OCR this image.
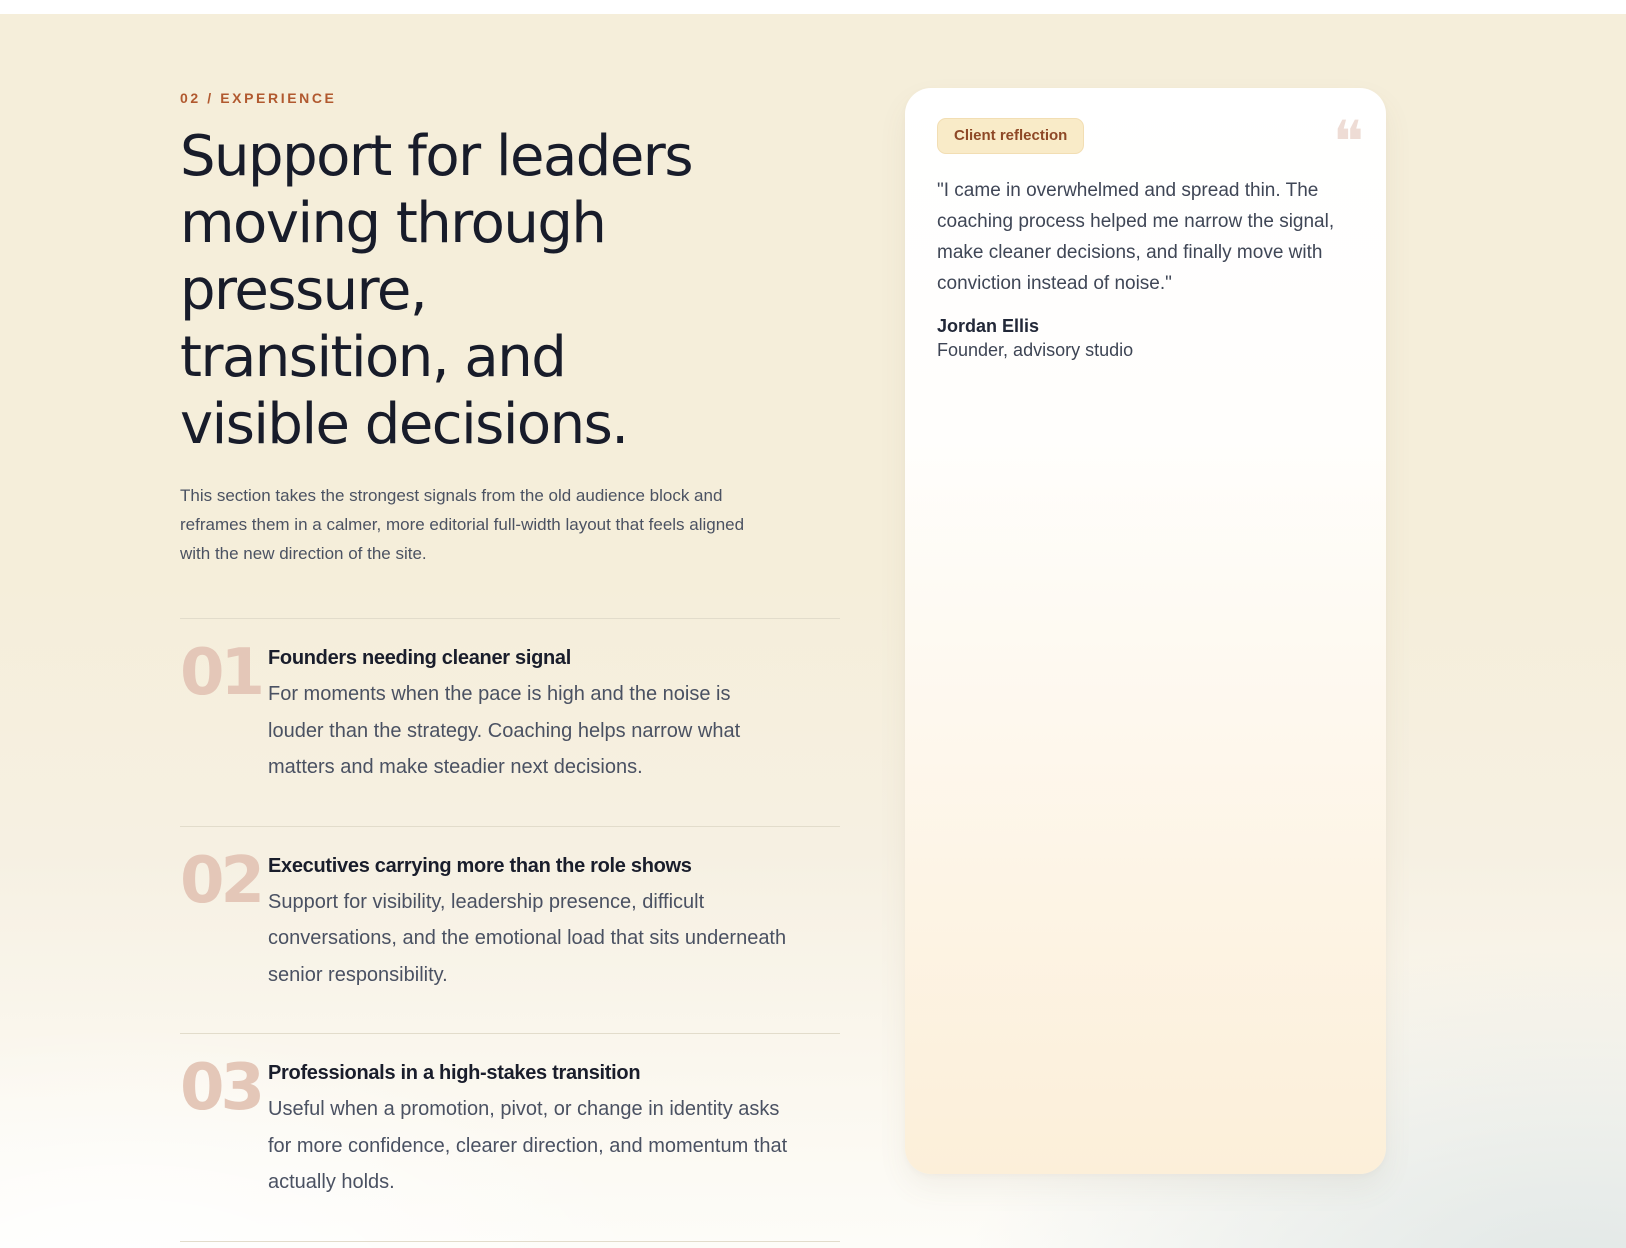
02 / EXPERIENCE
Support for leaders
moving through
pressure,
transition, and
visible decisions.

This section takes the strongest signals from the old audience block and reframes them in a calmer, more editorial full-width layout that feels aligned with the new direction of the site.

01 Founders needing cleaner signal
For moments when the pace is high and the noise is louder than the strategy. Coaching helps narrow what matters and make steadier next decisions.
02 Executives carrying more than the role shows
Support for visibility, leadership presence, difficult conversations, and the emotional load that sits underneath senior responsibility.
03 Professionals in a high-stakes transition
Useful when a promotion, pivot, or change in identity asks for more confidence, clearer direction, and momentum that actually holds.
❝
Client reflection

"I came in overwhelmed and spread thin. The coaching process helped me narrow the signal, make cleaner decisions, and finally move with conviction instead of noise."

Jordan Ellis
Founder, advisory studio
